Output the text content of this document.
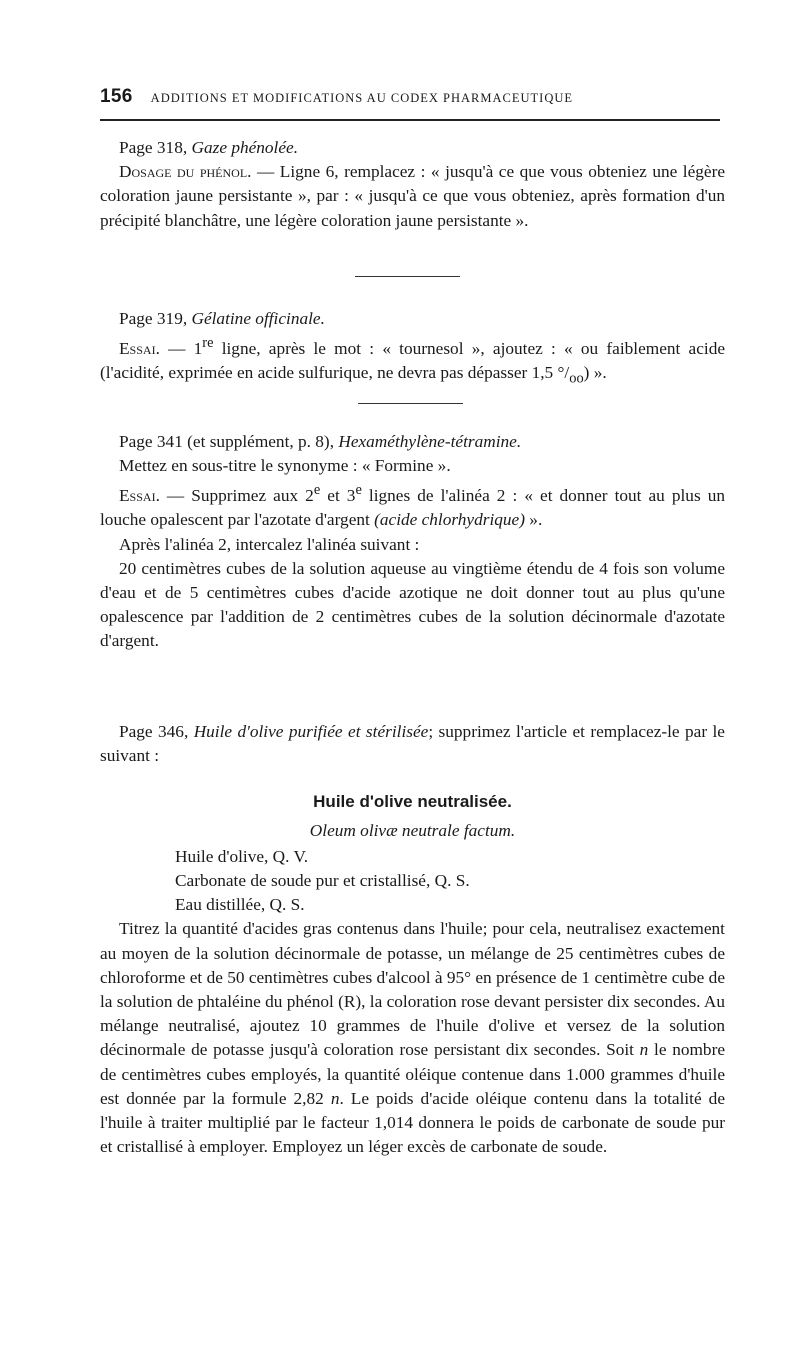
156 ADDITIONS ET MODIFICATIONS AU CODEX PHARMACEUTIQUE

Page 318, Gaze phénolée.

Dosage du phénol. — Ligne 6, remplacez : « jusqu'à ce que vous obteniez une légère coloration jaune persistante », par : « jusqu'à ce que vous obteniez, après formation d'un précipité blanchâtre, une légère coloration jaune persistante ».

Page 319, Gélatine officinale.

Essai. — 1re ligne, après le mot : « tournesol », ajoutez : « ou faiblement acide (l'acidité, exprimée en acide sulfurique, ne devra pas dépasser 1,5 $^\circ/_{oo}$) ».

Page 341 (et supplément, p. 8), Hexaméthylène-tétramine.

Mettez en sous-titre le synonyme : « Formine ».

Essai. — Supprimez aux 2e et 3e lignes de l'alinéa 2 : « et donner tout au plus un louche opalescent par l'azotate d'argent (acide chlorhydrique) ».

Après l'alinéa 2, intercalez l'alinéa suivant :

20 centimètres cubes de la solution aqueuse au vingtième étendu de 4 fois son volume d'eau et de 5 centimètres cubes d'acide azotique ne doit donner tout au plus qu'une opalescence par l'addition de 2 centimètres cubes de la solution décinormale d'azotate d'argent.

Page 346, Huile d'olive purifiée et stérilisée; supprimez l'article et remplacez-le par le suivant :

Huile d'olive neutralisée.

Oleum olivæ neutrale factum.

Huile d'olive, Q. V.

Carbonate de soude pur et cristallisé, Q. S.

Eau distillée, Q. S.

Titrez la quantité d'acides gras contenus dans l'huile; pour cela, neutralisez exactement au moyen de la solution décinormale de potasse, un mélange de 25 centimètres cubes de chloroforme et de 50 centimètres cubes d'alcool à 95° en présence de 1 centimètre cube de la solution de phtaléine du phénol (R), la coloration rose devant persister dix secondes. Au mélange neutralisé, ajoutez 10 grammes de l'huile d'olive et versez de la solution décinormale de potasse jusqu'à coloration rose persistant dix secondes. Soit n le nombre de centimètres cubes employés, la quantité oléique contenue dans 1.000 grammes d'huile est donnée par la formule 2,82 n. Le poids d'acide oléique contenu dans la totalité de l'huile à traiter multiplié par le facteur 1,014 donnera le poids de carbonate de soude pur et cristallisé à employer. Employez un léger excès de carbonate de soude.
